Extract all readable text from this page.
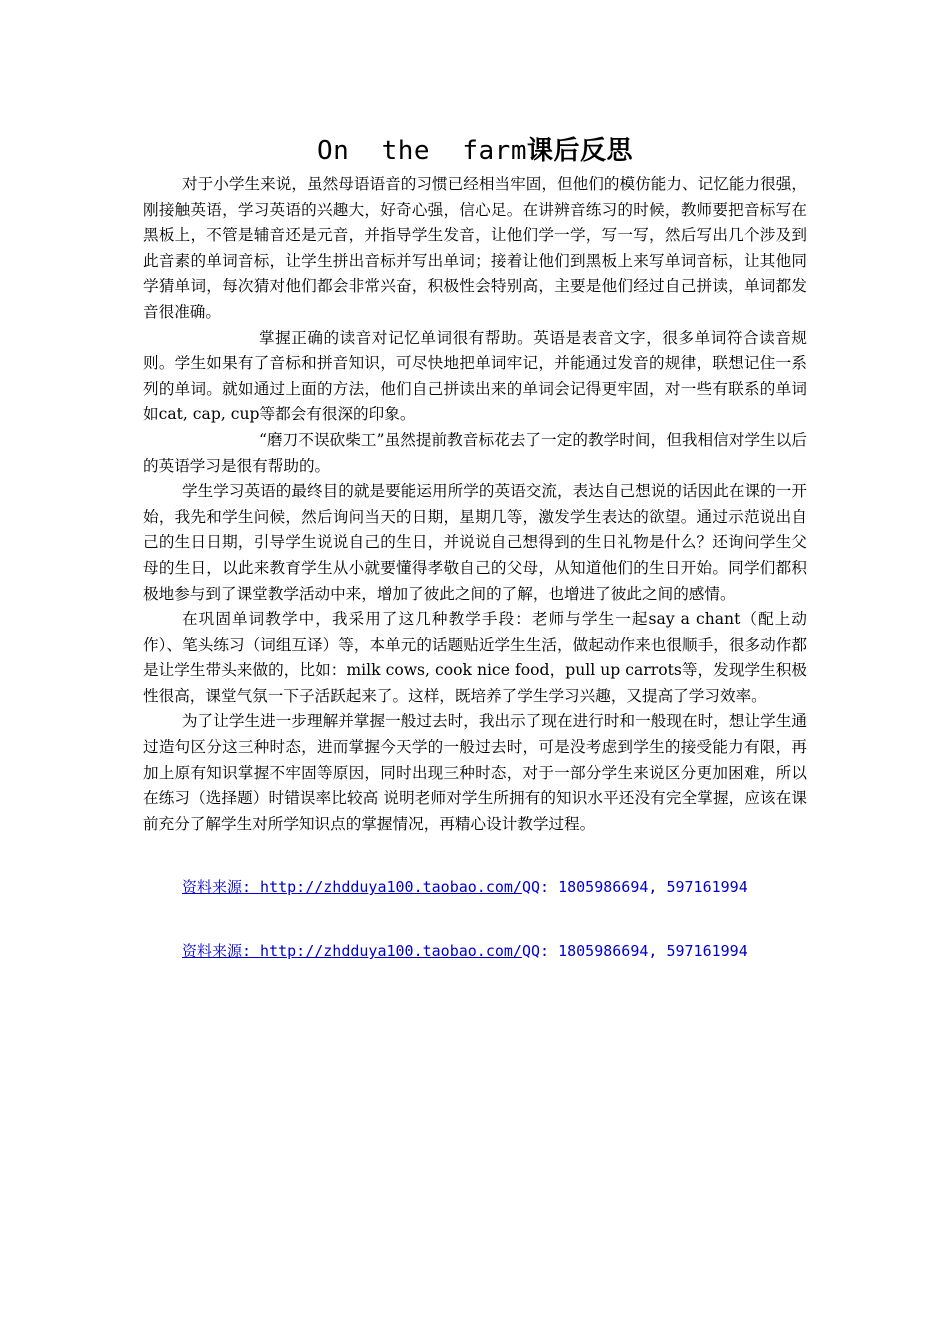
On  the  farm课后反思

对于小学生来说，虽然母语语音的习惯已经相当牢固，但他们的模仿能力、记忆能力很强，刚接触英语，学习英语的兴趣大，好奇心强，信心足。在讲辨音练习的时候，教师要把音标写在黑板上，不管是辅音还是元音，并指导学生发音，让他们学一学，写一写，然后写出几个涉及到此音素的单词音标，让学生拼出音标并写出单词；接着让他们到黑板上来写单词音标，让其他同学猜单词，每次猜对他们都会非常兴奋，积极性会特别高，主要是他们经过自己拼读，单词都发音很准确。

掌握正确的读音对记忆单词很有帮助。英语是表音文字，很多单词符合读音规则。学生如果有了音标和拼音知识，可尽快地把单词牢记，并能通过发音的规律，联想记住一系列的单词。就如通过上面的方法，他们自己拼读出来的单词会记得更牢固，对一些有联系的单词如cat, cap, cup等都会有很深的印象。

“磨刀不误砍柴工”虽然提前教音标花去了一定的教学时间，但我相信对学生以后的英语学习是很有帮助的。

学生学习英语的最终目的就是要能运用所学的英语交流，表达自己想说的话因此在课的一开始，我先和学生问候，然后询问当天的日期，星期几等，激发学生表达的欲望。通过示范说出自己的生日日期，引导学生说说自己的生日，并说说自己想得到的生日礼物是什么？还询问学生父母的生日，以此来教育学生从小就要懂得孝敬自己的父母，从知道他们的生日开始。同学们都积极地参与到了课堂教学活动中来，增加了彼此之间的了解，也增进了彼此之间的感情。

在巩固单词教学中，我采用了这几种教学手段：老师与学生一起say a chant（配上动作）、笔头练习（词组互译）等，本单元的话题贴近学生生活，做起动作来也很顺手，很多动作都是让学生带头来做的，比如：milk cows, cook nice food，pull up carrots等，发现学生积极性很高，课堂气氛一下子活跃起来了。这样，既培养了学生学习兴趣，又提高了学习效率。

为了让学生进一步理解并掌握一般过去时，我出示了现在进行时和一般现在时，想让学生通过造句区分这三种时态，进而掌握今天学的一般过去时，可是没考虑到学生的接受能力有限，再加上原有知识掌握不牢固等原因，同时出现三种时态，对于一部分学生来说区分更加困难，所以在练习（选择题）时错误率比较高 说明老师对学生所拥有的知识水平还没有完全掌握，应该在课前充分了解学生对所学知识点的掌握情况，再精心设计教学过程。

资料来源: http://zhdduya100.taobao.com/QQ: 1805986694, 597161994

资料来源: http://zhdduya100.taobao.com/QQ: 1805986694, 597161994
